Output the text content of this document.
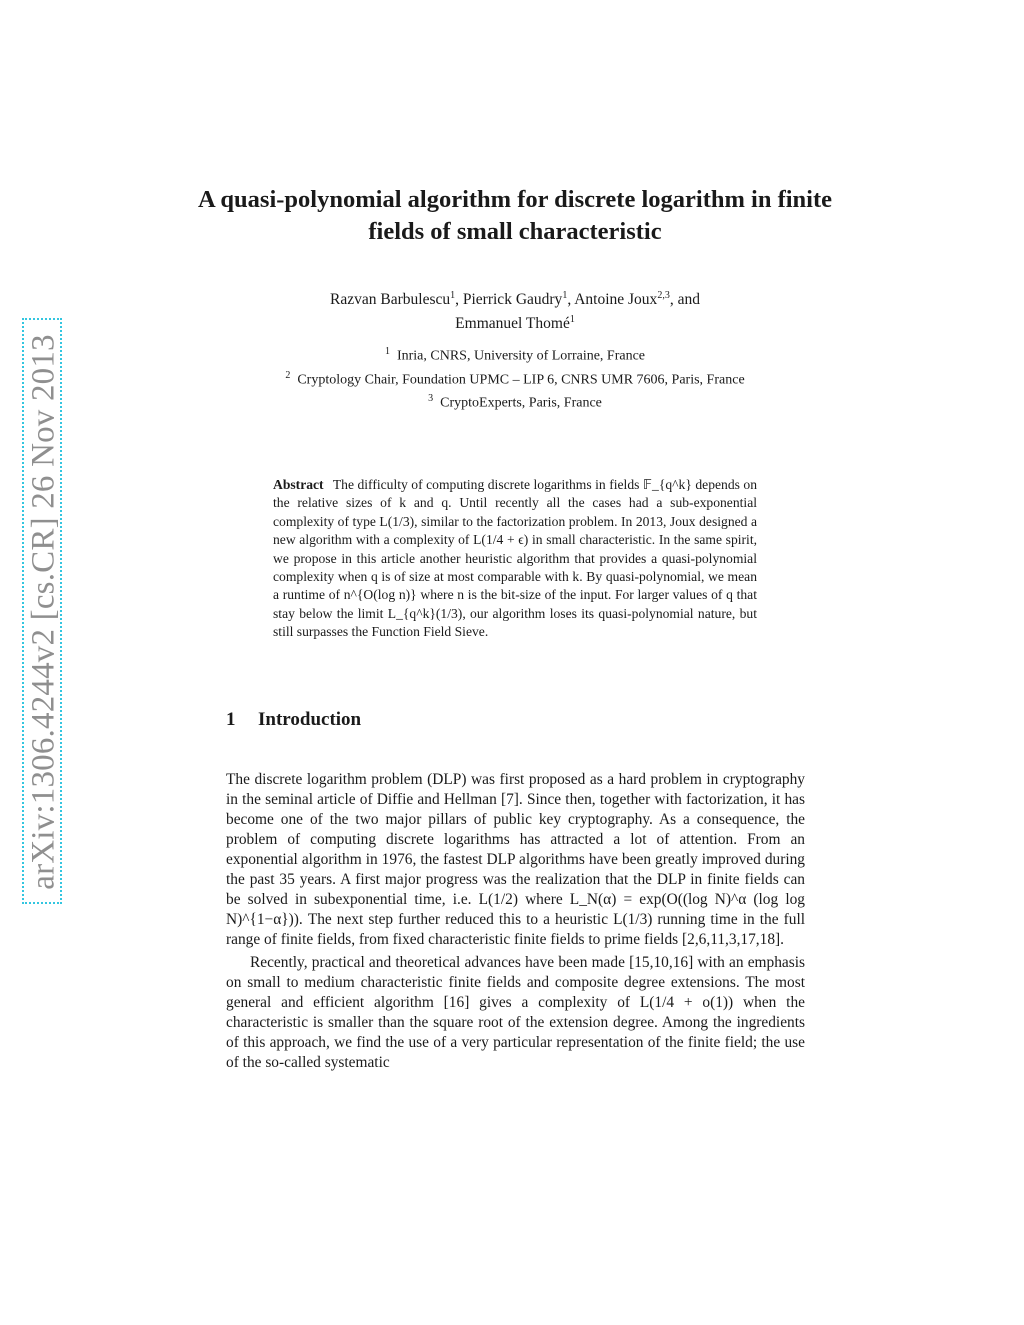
arXiv:1306.4244v2 [cs.CR] 26 Nov 2013
A quasi-polynomial algorithm for discrete logarithm in finite fields of small characteristic
Razvan Barbulescu$^1$, Pierrick Gaudry$^1$, Antoine Joux$^{2,3}$, and
Emmanuel Thomé$^1$
$^1$ Inria, CNRS, University of Lorraine, France
$^2$ Cryptology Chair, Foundation UPMC – LIP 6, CNRS UMR 7606, Paris, France
$^3$ CryptoExperts, Paris, France
Abstract The difficulty of computing discrete logarithms in fields 𝔽_{q^k} depends on the relative sizes of k and q. Until recently all the cases had a sub-exponential complexity of type L(1/3), similar to the factorization problem. In 2013, Joux designed a new algorithm with a complexity of L(1/4 + ϵ) in small characteristic. In the same spirit, we propose in this article another heuristic algorithm that provides a quasi-polynomial complexity when q is of size at most comparable with k. By quasi-polynomial, we mean a runtime of n^{O(log n)} where n is the bit-size of the input. For larger values of q that stay below the limit L_{q^k}(1/3), our algorithm loses its quasi-polynomial nature, but still surpasses the Function Field Sieve.
1 Introduction

The discrete logarithm problem (DLP) was first proposed as a hard problem in cryptography in the seminal article of Diffie and Hellman [7]. Since then, together with factorization, it has become one of the two major pillars of public key cryptography. As a consequence, the problem of computing discrete logarithms has attracted a lot of attention. From an exponential algorithm in 1976, the fastest DLP algorithms have been greatly improved during the past 35 years. A first major progress was the realization that the DLP in finite fields can be solved in subexponential time, i.e. L(1/2) where L_N(α) = exp(O((log N)^α (log log N)^{1−α})). The next step further reduced this to a heuristic L(1/3) running time in the full range of finite fields, from fixed characteristic finite fields to prime fields [2,6,11,3,17,18].

Recently, practical and theoretical advances have been made [15,10,16] with an emphasis on small to medium characteristic finite fields and composite degree extensions. The most general and efficient algorithm [16] gives a complexity of L(1/4 + o(1)) when the characteristic is smaller than the square root of the extension degree. Among the ingredients of this approach, we find the use of a very particular representation of the finite field; the use of the so-called systematic
